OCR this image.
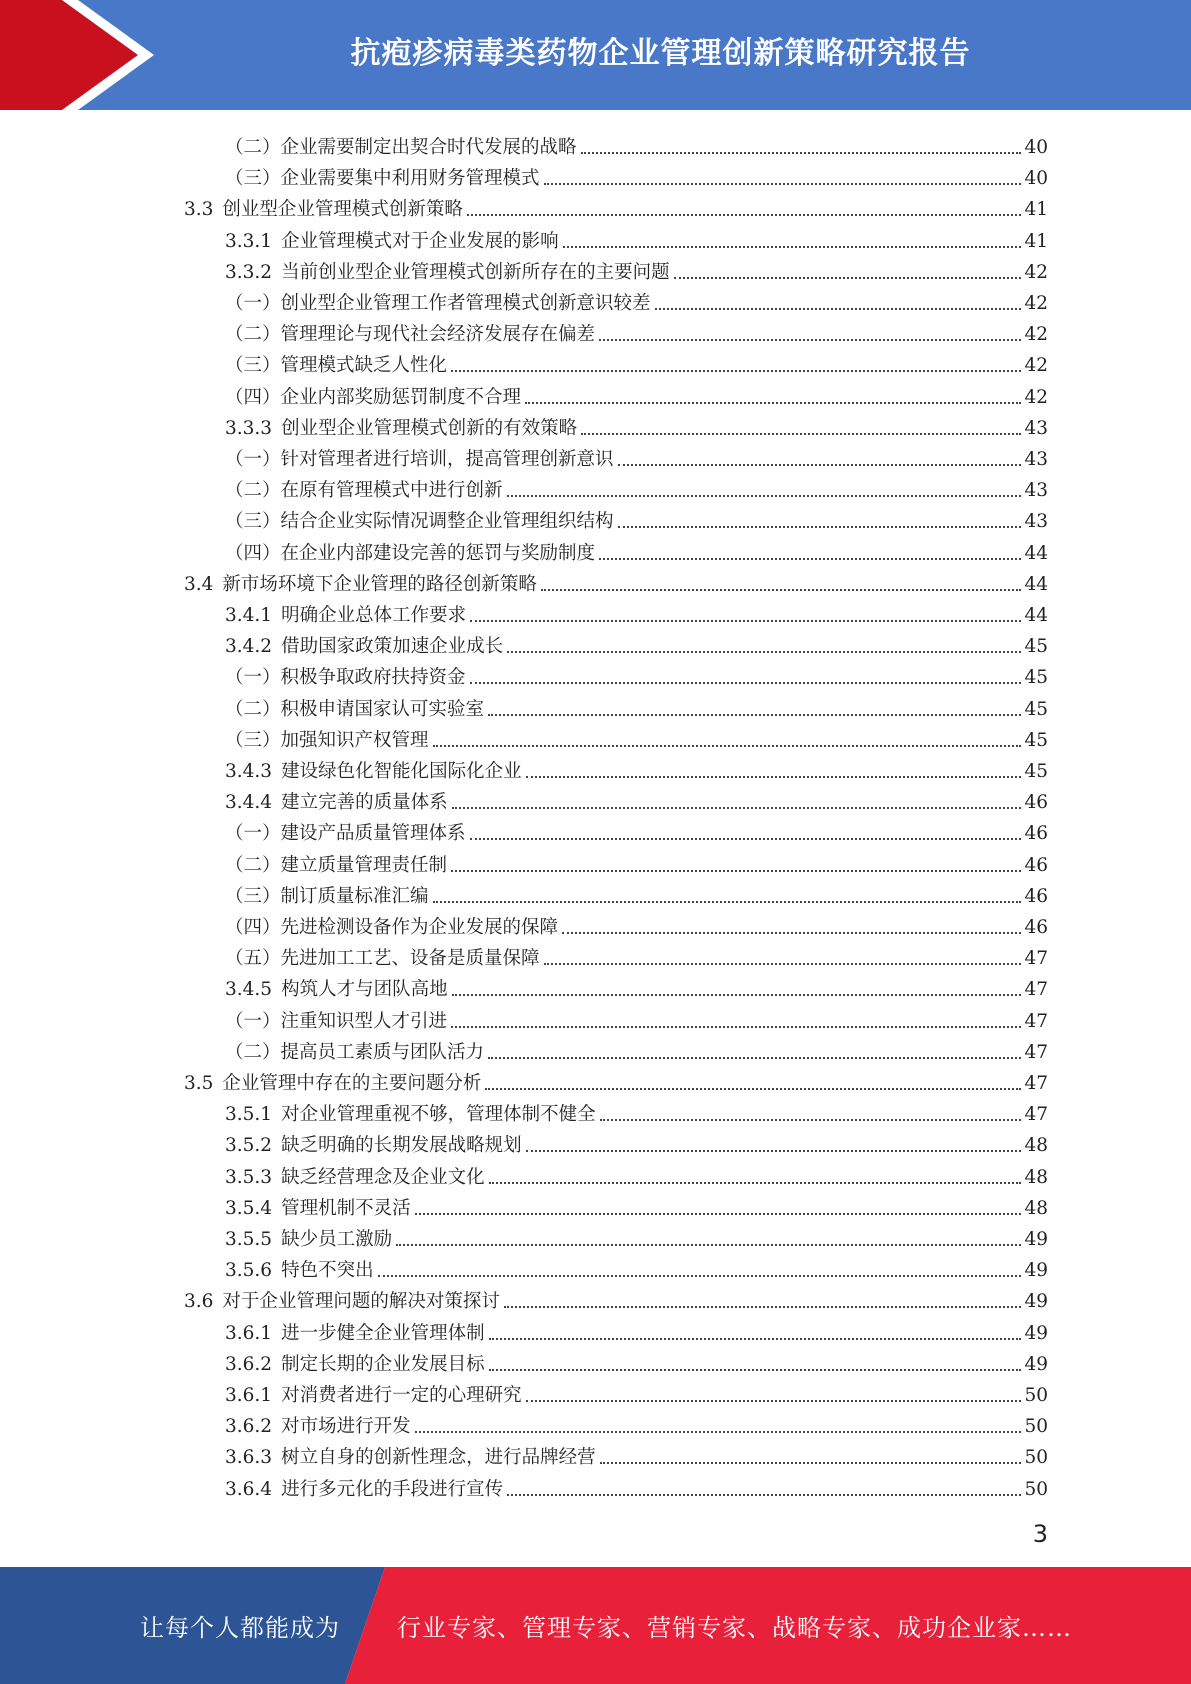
抗疱疹病毒类药物企业管理创新策略研究报告
（二）企业需要制定出契合时代发展的战略	40
（三）企业需要集中利用财务管理模式	40
3.3 创业型企业管理模式创新策略	41
3.3.1 企业管理模式对于企业发展的影响	41
3.3.2 当前创业型企业管理模式创新所存在的主要问题	42
（一）创业型企业管理工作者管理模式创新意识较差	42
（二）管理理论与现代社会经济发展存在偏差	42
（三）管理模式缺乏人性化	42
（四）企业内部奖励惩罚制度不合理	42
3.3.3 创业型企业管理模式创新的有效策略	43
（一）针对管理者进行培训，提高管理创新意识	43
（二）在原有管理模式中进行创新	43
（三）结合企业实际情况调整企业管理组织结构	43
（四）在企业内部建设完善的惩罚与奖励制度	44
3.4 新市场环境下企业管理的路径创新策略	44
3.4.1 明确企业总体工作要求	44
3.4.2 借助国家政策加速企业成长	45
（一）积极争取政府扶持资金	45
（二）积极申请国家认可实验室	45
（三）加强知识产权管理	45
3.4.3 建设绿色化智能化国际化企业	45
3.4.4 建立完善的质量体系	46
（一）建设产品质量管理体系	46
（二）建立质量管理责任制	46
（三）制订质量标准汇编	46
（四）先进检测设备作为企业发展的保障	46
（五）先进加工工艺、设备是质量保障	47
3.4.5 构筑人才与团队高地	47
（一）注重知识型人才引进	47
（二）提高员工素质与团队活力	47
3.5 企业管理中存在的主要问题分析	47
3.5.1 对企业管理重视不够，管理体制不健全	47
3.5.2 缺乏明确的长期发展战略规划	48
3.5.3 缺乏经营理念及企业文化	48
3.5.4 管理机制不灵活	48
3.5.5 缺少员工激励	49
3.5.6 特色不突出	49
3.6 对于企业管理问题的解决对策探讨	49
3.6.1 进一步健全企业管理体制	49
3.6.2 制定长期的企业发展目标	49
3.6.1 对消费者进行一定的心理研究	50
3.6.2 对市场进行开发	50
3.6.3 树立自身的创新性理念，进行品牌经营	50
3.6.4 进行多元化的手段进行宣传	50
3
让每个人都能成为 行业专家、管理专家、营销专家、战略专家、成功企业家……
